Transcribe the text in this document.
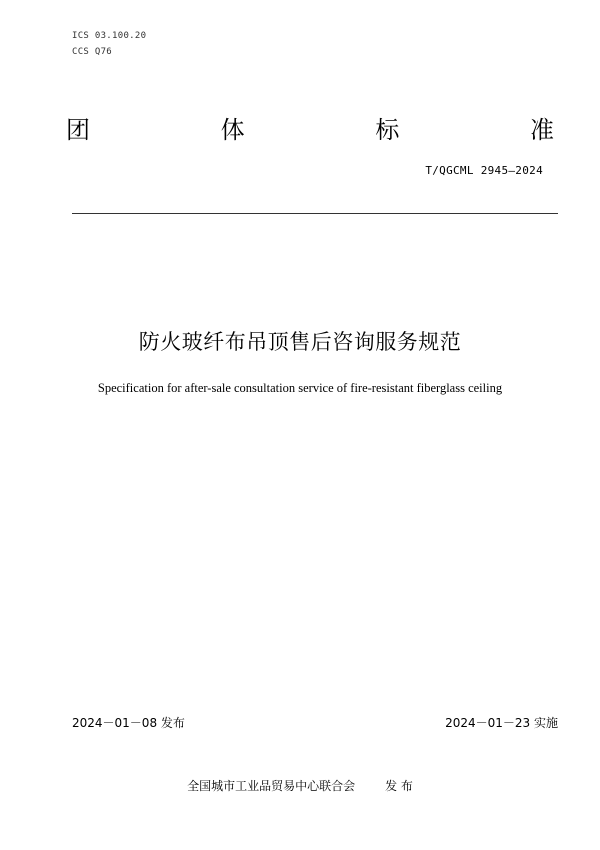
ICS 03.100.20
CCS Q76
团	体	标	准
T/QGCML 2945—2024
防火玻纤布吊顶售后咨询服务规范
Specification for after-sale consultation service of fire-resistant fiberglass ceiling
2024－01－08 发布	2024－01－23 实施
全国城市工业品贸易中心联合会	发 布
